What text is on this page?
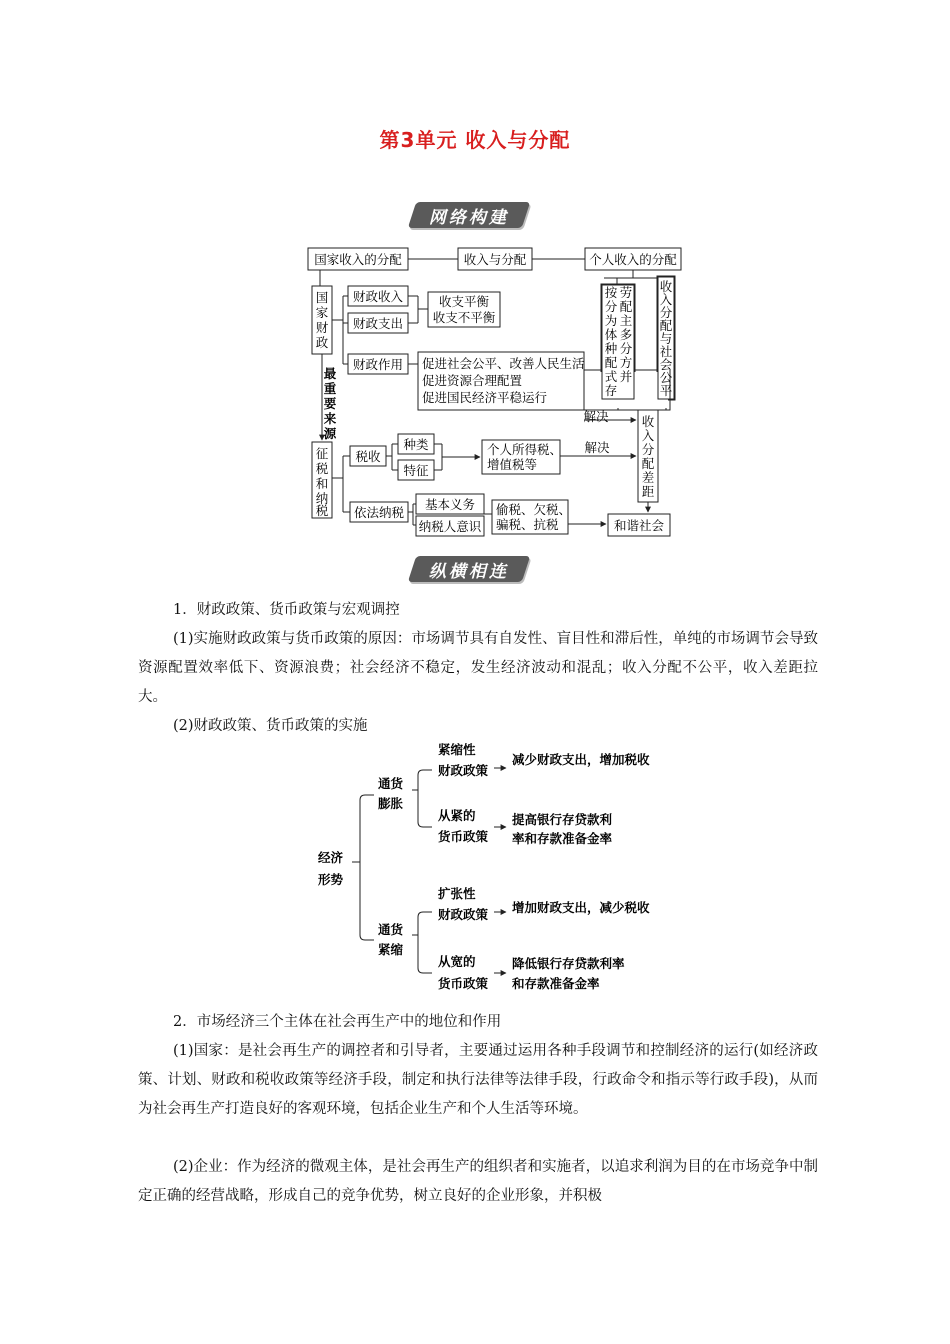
第3单元 收入与分配
网络构建
国家收入的分配	收入与分配	个人收入的分配
国
家
财
政
财政收入
财政支出
收支平衡
收支不平衡
财政作用 促进社会公平、改善人民生活
促进资源合理配置
促进国民经济平稳运行
最
重
要
来
源
征
税
和
纳
税
税收
种类
特征
个人所得税、
增值税等
解决
解决
依法纳税
基本义务
纳税人意识
偷税、欠税、
骗税、抗税	和谐社会
按
分
为
体
种
配
式
存
劳
配
主
多
分
方
并
收
入
分
配
与
社
会
公
平
收
入
分
配
差
距
经济
形势
通货
膨胀
通货
紧缩
紧缩性
财政政策
减少财政支出，增加税收
从紧的
货币政策
提高银行存贷款利
率和存款准备金率
扩张性
财政政策 增加财政支出，减少税收
从宽的
货币政策
降低银行存贷款利率
和存款准备金率
纵横相连

1．财政政策、货币政策与宏观调控

(1)实施财政政策与货币政策的原因：市场调节具有自发性、盲目性和滞后性，单纯的市场调节会导致资源配置效率低下、资源浪费；社会经济不稳定，发生经济波动和混乱；收入分配不公平，收入差距拉大。

(2)财政政策、货币政策的实施

2．市场经济三个主体在社会再生产中的地位和作用

(1)国家：是社会再生产的调控者和引导者，主要通过运用各种手段调节和控制经济的运行(如经济政策、计划、财政和税收政策等经济手段，制定和执行法律等法律手段，行政命令和指示等行政手段)，从而为社会再生产打造良好的客观环境，包括企业生产和个人生活等环境。

(2)企业：作为经济的微观主体，是社会再生产的组织者和实施者，以追求利润为目的在市场竞争中制定正确的经营战略，形成自己的竞争优势，树立良好的企业形象，并积极
